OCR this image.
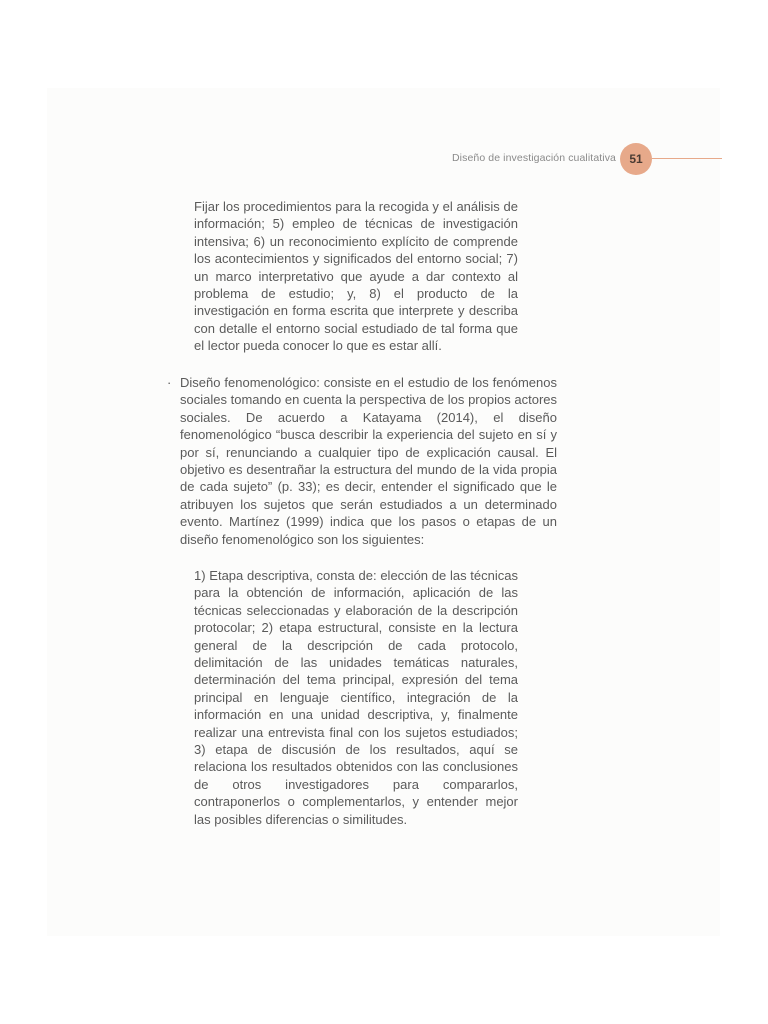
Diseño de investigación cualitativa	51

Fijar los procedimientos para la recogida y el análisis de información; 5) empleo de técnicas de investigación intensiva; 6) un reconocimiento explícito de comprende los acontecimientos y significados del entorno social; 7) un marco interpretativo que ayude a dar contexto al problema de estudio; y, 8) el producto de la investigación en forma escrita que interprete y describa con detalle el entorno social estudiado de tal forma que el lector pueda conocer lo que es estar allí.

· Diseño fenomenológico: consiste en el estudio de los fenómenos sociales tomando en cuenta la perspectiva de los propios actores sociales. De acuerdo a Katayama (2014), el diseño fenomenológico “busca describir la experiencia del sujeto en sí y por sí, renunciando a cualquier tipo de explicación causal. El objetivo es desentrañar la estructura del mundo de la vida propia de cada sujeto” (p. 33); es decir, entender el significado que le atribuyen los sujetos que serán estudiados a un determinado evento. Martínez (1999) indica que los pasos o etapas de un diseño fenomenológico son los siguientes:

1) Etapa descriptiva, consta de: elección de las técnicas para la obtención de información, aplicación de las técnicas seleccionadas y elaboración de la descripción protocolar; 2) etapa estructural, consiste en la lectura general de la descripción de cada protocolo, delimitación de las unidades temáticas naturales, determinación del tema principal, expresión del tema principal en lenguaje científico, integración de la información en una unidad descriptiva, y, finalmente realizar una entrevista final con los sujetos estudiados; 3) etapa de discusión de los resultados, aquí se relaciona los resultados obtenidos con las conclusiones de otros investigadores para compararlos, contraponerlos o complementarlos, y entender mejor las posibles diferencias o similitudes.
